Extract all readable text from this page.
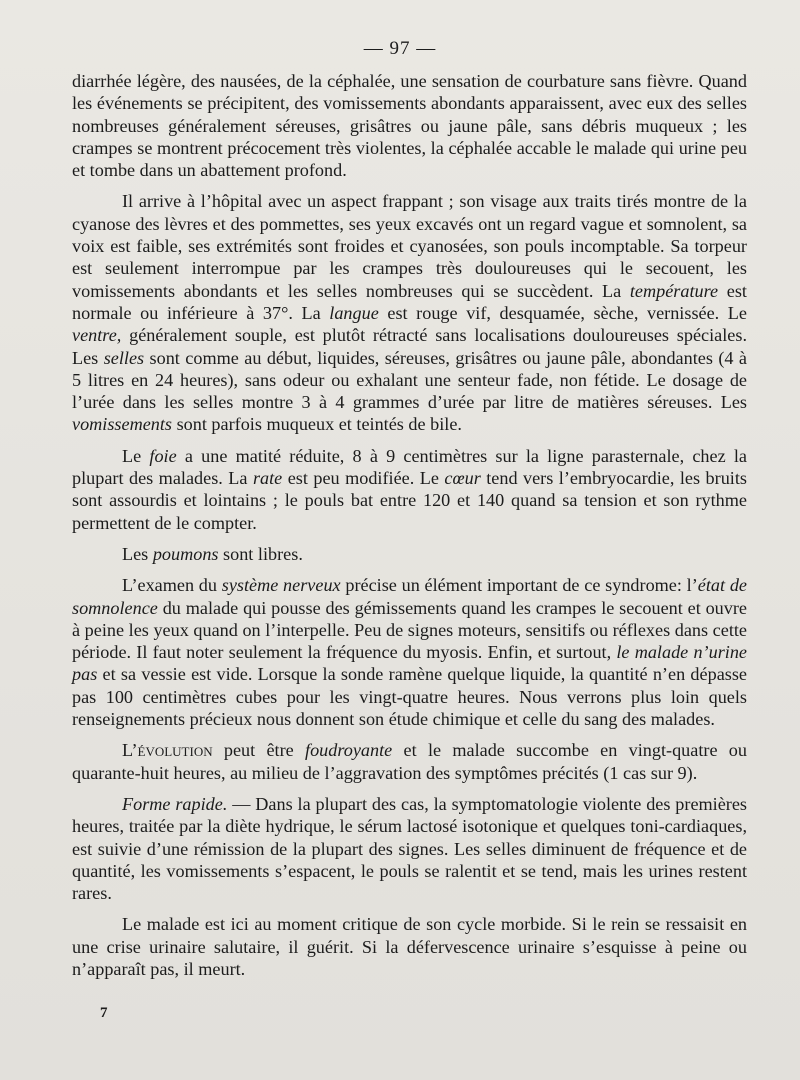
— 97 —

diarrhée légère, des nausées, de la céphalée, une sensation de courbature sans fièvre. Quand les événements se précipitent, des vomissements abondants apparaissent, avec eux des selles nombreuses généralement séreuses, grisâtres ou jaune pâle, sans débris muqueux ; les crampes se montrent précocement très violentes, la céphalée accable le malade qui urine peu et tombe dans un abattement profond.

Il arrive à l’hôpital avec un aspect frappant ; son visage aux traits tirés montre de la cyanose des lèvres et des pommettes, ses yeux excavés ont un regard vague et somnolent, sa voix est faible, ses extrémités sont froides et cyanosées, son pouls incomptable. Sa torpeur est seulement interrompue par les crampes très douloureuses qui le secouent, les vomissements abondants et les selles nombreuses qui se succèdent. La température est normale ou inférieure à 37°. La langue est rouge vif, desquamée, sèche, vernissée. Le ventre, généralement souple, est plutôt rétracté sans localisations douloureuses spéciales. Les selles sont comme au début, liquides, séreuses, grisâtres ou jaune pâle, abondantes (4 à 5 litres en 24 heures), sans odeur ou exhalant une senteur fade, non fétide. Le dosage de l’urée dans les selles montre 3 à 4 grammes d’urée par litre de matières séreuses. Les vomissements sont parfois muqueux et teintés de bile.

Le foie a une matité réduite, 8 à 9 centimètres sur la ligne parasternale, chez la plupart des malades. La rate est peu modifiée. Le cœur tend vers l’embryocardie, les bruits sont assourdis et lointains ; le pouls bat entre 120 et 140 quand sa tension et son rythme permettent de le compter.

Les poumons sont libres.

L’examen du système nerveux précise un élément important de ce syndrome: l’état de somnolence du malade qui pousse des gémissements quand les crampes le secouent et ouvre à peine les yeux quand on l’interpelle. Peu de signes moteurs, sensitifs ou réflexes dans cette période. Il faut noter seulement la fréquence du myosis. Enfin, et surtout, le malade n’urine pas et sa vessie est vide. Lorsque la sonde ramène quelque liquide, la quantité n’en dépasse pas 100 centimètres cubes pour les vingt-quatre heures. Nous verrons plus loin quels renseignements précieux nous donnent son étude chimique et celle du sang des malades.

L’évolution peut être foudroyante et le malade succombe en vingt-quatre ou quarante-huit heures, au milieu de l’aggravation des symptômes précités (1 cas sur 9).

Forme rapide. — Dans la plupart des cas, la symptomatologie violente des premières heures, traitée par la diète hydrique, le sérum lactosé isotonique et quelques toni-cardiaques, est suivie d’une rémission de la plupart des signes. Les selles diminuent de fréquence et de quantité, les vomissements s’espacent, le pouls se ralentit et se tend, mais les urines restent rares.

Le malade est ici au moment critique de son cycle morbide. Si le rein se ressaisit en une crise urinaire salutaire, il guérit. Si la défervescence urinaire s’esquisse à peine ou n’apparaît pas, il meurt.

7
